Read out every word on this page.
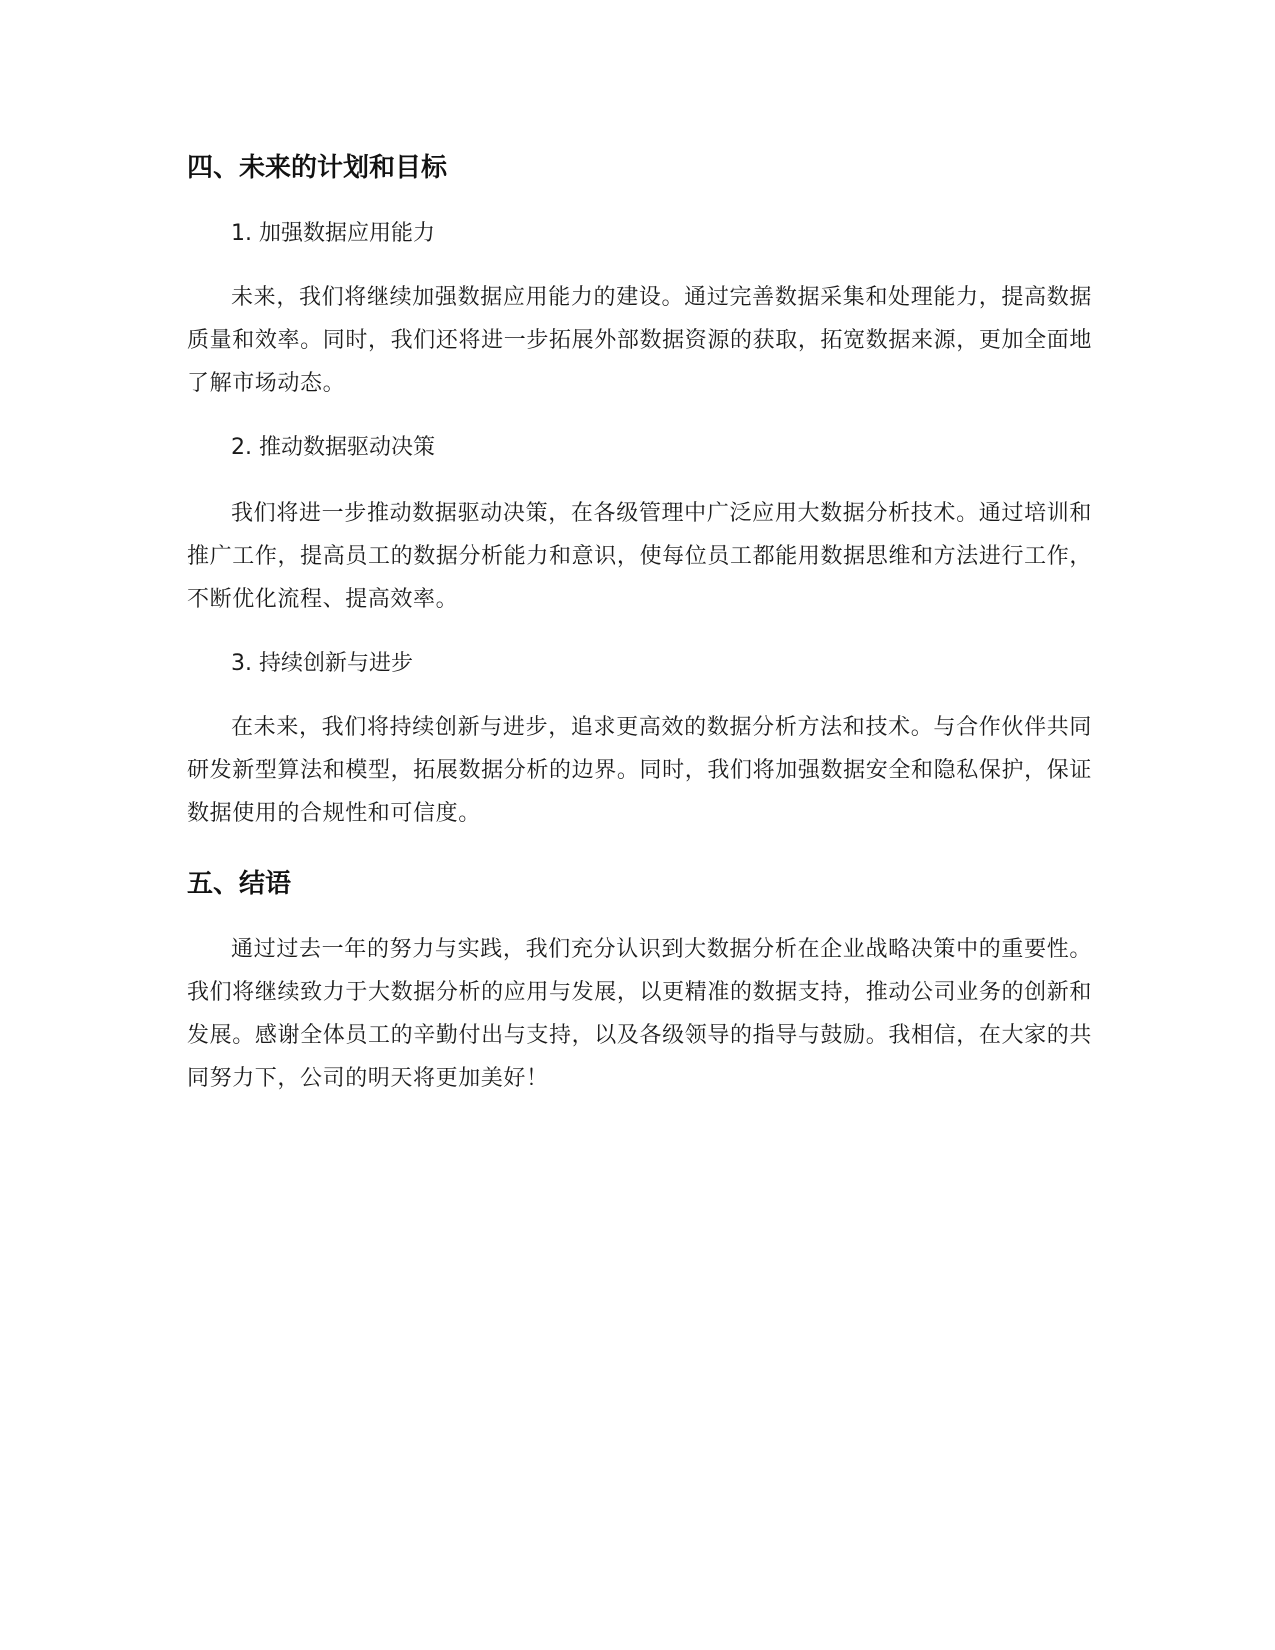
四、未来的计划和目标

1. 加强数据应用能力

未来，我们将继续加强数据应用能力的建设。通过完善数据采集和处理能力，提高数据质量和效率。同时，我们还将进一步拓展外部数据资源的获取，拓宽数据来源，更加全面地了解市场动态。

2. 推动数据驱动决策

我们将进一步推动数据驱动决策，在各级管理中广泛应用大数据分析技术。通过培训和推广工作，提高员工的数据分析能力和意识，使每位员工都能用数据思维和方法进行工作，不断优化流程、提高效率。

3. 持续创新与进步

在未来，我们将持续创新与进步，追求更高效的数据分析方法和技术。与合作伙伴共同研发新型算法和模型，拓展数据分析的边界。同时，我们将加强数据安全和隐私保护，保证数据使用的合规性和可信度。

五、结语

通过过去一年的努力与实践，我们充分认识到大数据分析在企业战略决策中的重要性。我们将继续致力于大数据分析的应用与发展，以更精准的数据支持，推动公司业务的创新和发展。感谢全体员工的辛勤付出与支持，以及各级领导的指导与鼓励。我相信，在大家的共同努力下，公司的明天将更加美好！
